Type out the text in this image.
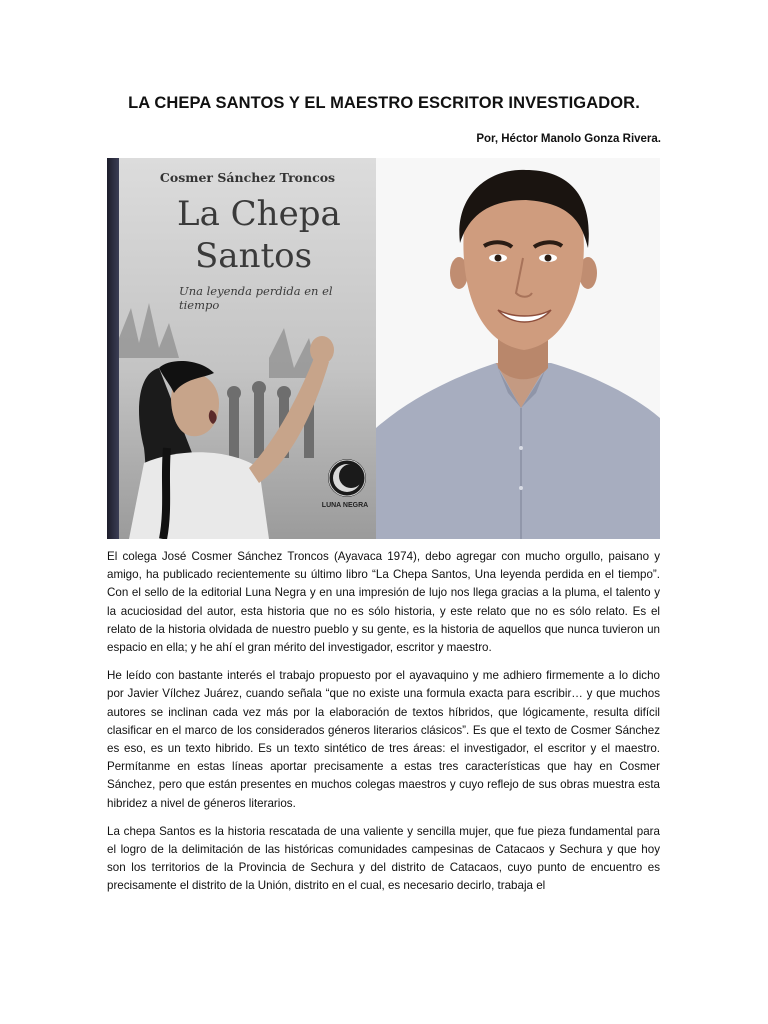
LA CHEPA SANTOS Y EL MAESTRO ESCRITOR INVESTIGADOR.
Por, Héctor Manolo Gonza Rivera.
Cosmer Sánchez Troncos
La Chepa
Santos
Una leyenda perdida en el tiempo
LUNA NEGRA

El colega José Cosmer Sánchez Troncos (Ayavaca 1974), debo agregar con mucho orgullo, paisano y amigo, ha publicado recientemente su último libro “La Chepa Santos, Una leyenda perdida en el tiempo”. Con el sello de la editorial Luna Negra y en una impresión de lujo nos llega gracias a la pluma, el talento y la acuciosidad del autor, esta historia que no es sólo historia, y este relato que no es sólo relato. Es el relato de la historia olvidada de nuestro pueblo y su gente, es la historia de aquellos que nunca tuvieron un espacio en ella; y he ahí el gran mérito del investigador, escritor y maestro.

He leído con bastante interés el trabajo propuesto por el ayavaquino y me adhiero firmemente a lo dicho por Javier Vílchez Juárez, cuando señala “que no existe una formula exacta para escribir… y que muchos autores se inclinan cada vez más por la elaboración de textos híbridos, que lógicamente, resulta difícil clasificar en el marco de los considerados géneros literarios clásicos”. Es que el texto de Cosmer Sánchez es eso, es un texto hibrido. Es un texto sintético de tres áreas: el investigador, el escritor y el maestro. Permítanme en estas líneas aportar precisamente a estas tres características que hay en Cosmer Sánchez, pero que están presentes en muchos colegas maestros y cuyo reflejo de sus obras muestra esta hibridez a nivel de géneros literarios.

La chepa Santos es la historia rescatada de una valiente y sencilla mujer, que fue pieza fundamental para el logro de la delimitación de las históricas comunidades campesinas de Catacaos y Sechura y que hoy son los territorios de la Provincia de Sechura y del distrito de Catacaos, cuyo punto de encuentro es precisamente el distrito de la Unión, distrito en el cual, es necesario decirlo, trabaja el
